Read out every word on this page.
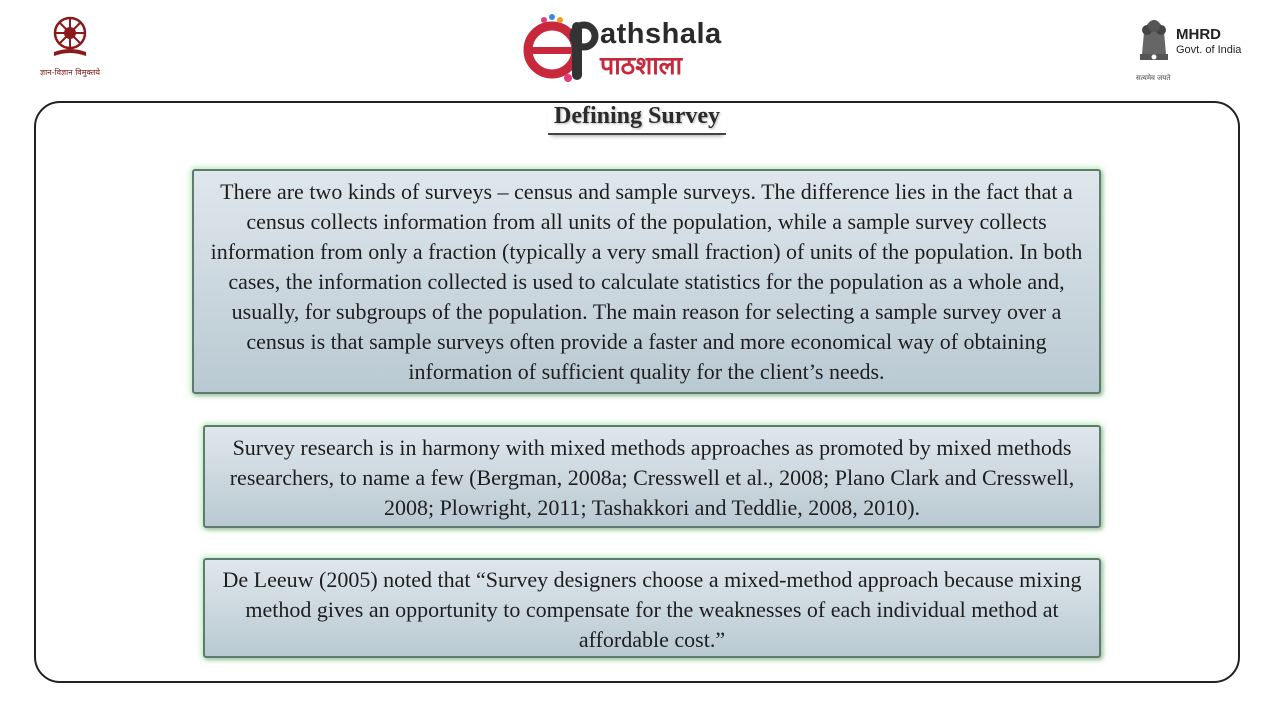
ज्ञान-विज्ञान विमुक्तये
athshala
पाठशाला
MHRD
Govt. of India
सत्यमेव जयते
Defining Survey
There are two kinds of surveys – census and sample surveys. The difference lies in the fact that a census collects information from all units of the population, while a sample survey collects information from only a fraction (typically a very small fraction) of units of the population. In both cases, the information collected is used to calculate statistics for the population as a whole and, usually, for subgroups of the population. The main reason for selecting a sample survey over a census is that sample surveys often provide a faster and more economical way of obtaining information of sufficient quality for the client’s needs.
Survey research is in harmony with mixed methods approaches as promoted by mixed methods researchers, to name a few (Bergman, 2008a; Cresswell et al., 2008; Plano Clark and Cresswell, 2008; Plowright, 2011; Tashakkori and Teddlie, 2008, 2010).
De Leeuw (2005) noted that “Survey designers choose a mixed-method approach because mixing method gives an opportunity to compensate for the weaknesses of each individual method at affordable cost.”
